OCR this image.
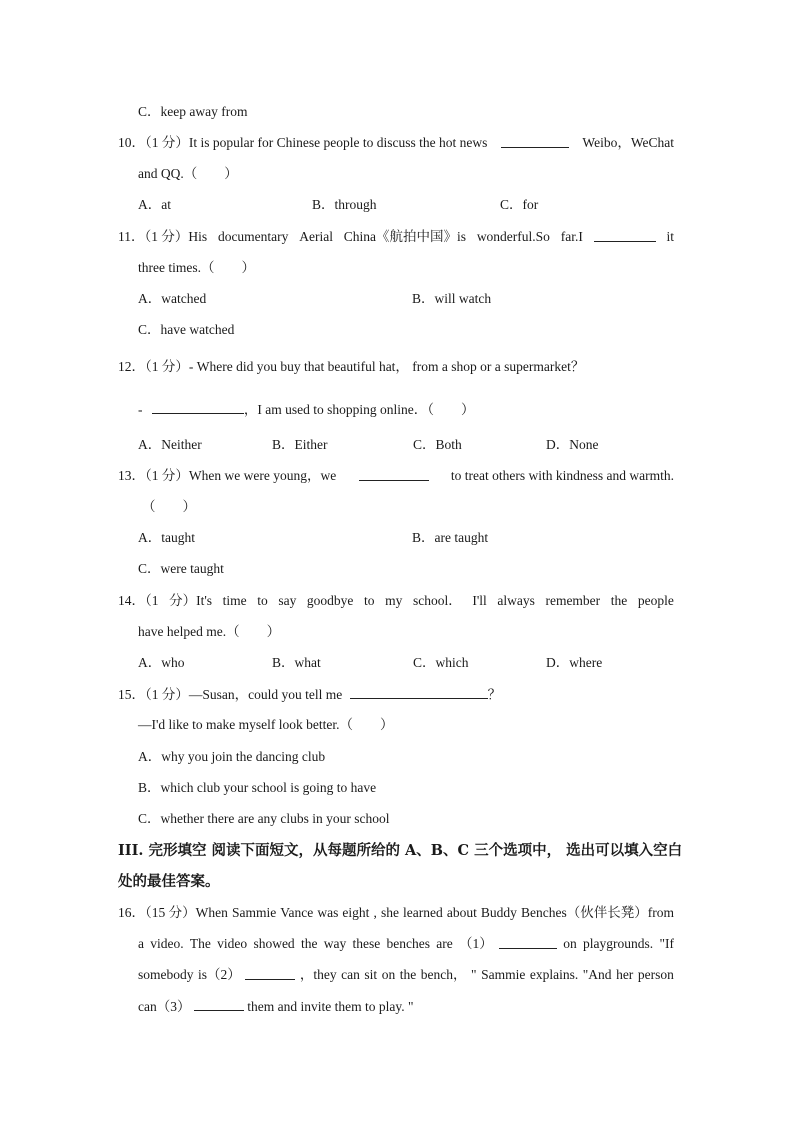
C．keep away from
10．（1 分）It is popular for Chinese people to discuss the hot news	Weibo，WeChat
and QQ.（　　）
A．at	B．through	C．for
11．（1 分）His documentary Aerial China《航拍中国》is wonderful.So far.I	it
three times.（　　）
A．watched	B．will watch
C．have watched
12．（1 分）- Where did you buy that beautiful hat， from a shop or a supermarket？
-	，I am used to shopping online．（　　）
A．Neither	B．Either	C．Both	D．None
13．（1 分）When we were young，we	to treat others with kindness and warmth.
（　　）
A．taught	B．are taught
C．were taught
14．（1 分）It's time to say goodbye to my school． I'll always remember the people
have helped me.（　　）
A．who	B．what	C．which	D．where
15．（1 分）—Susan，could you tell me	？
—I'd like to make myself look better.（　　）
A．why you join the dancing club
B．which club your school is going to have
C．whether there are any clubs in your school
III. 完形填空 阅读下面短文，从每题所给的 A、B、C 三个选项中， 选出可以填入空白
处的最佳答案。
16．（15 分）When Sammie Vance was eight , she learned about Buddy Benches（伙伴长凳）from
a video. The video showed the way these benches are （1）	on playgrounds. "If
somebody is（2）	，they can sit on the bench， " Sammie explains. "And her person
can（3）	them and invite them to play. "
